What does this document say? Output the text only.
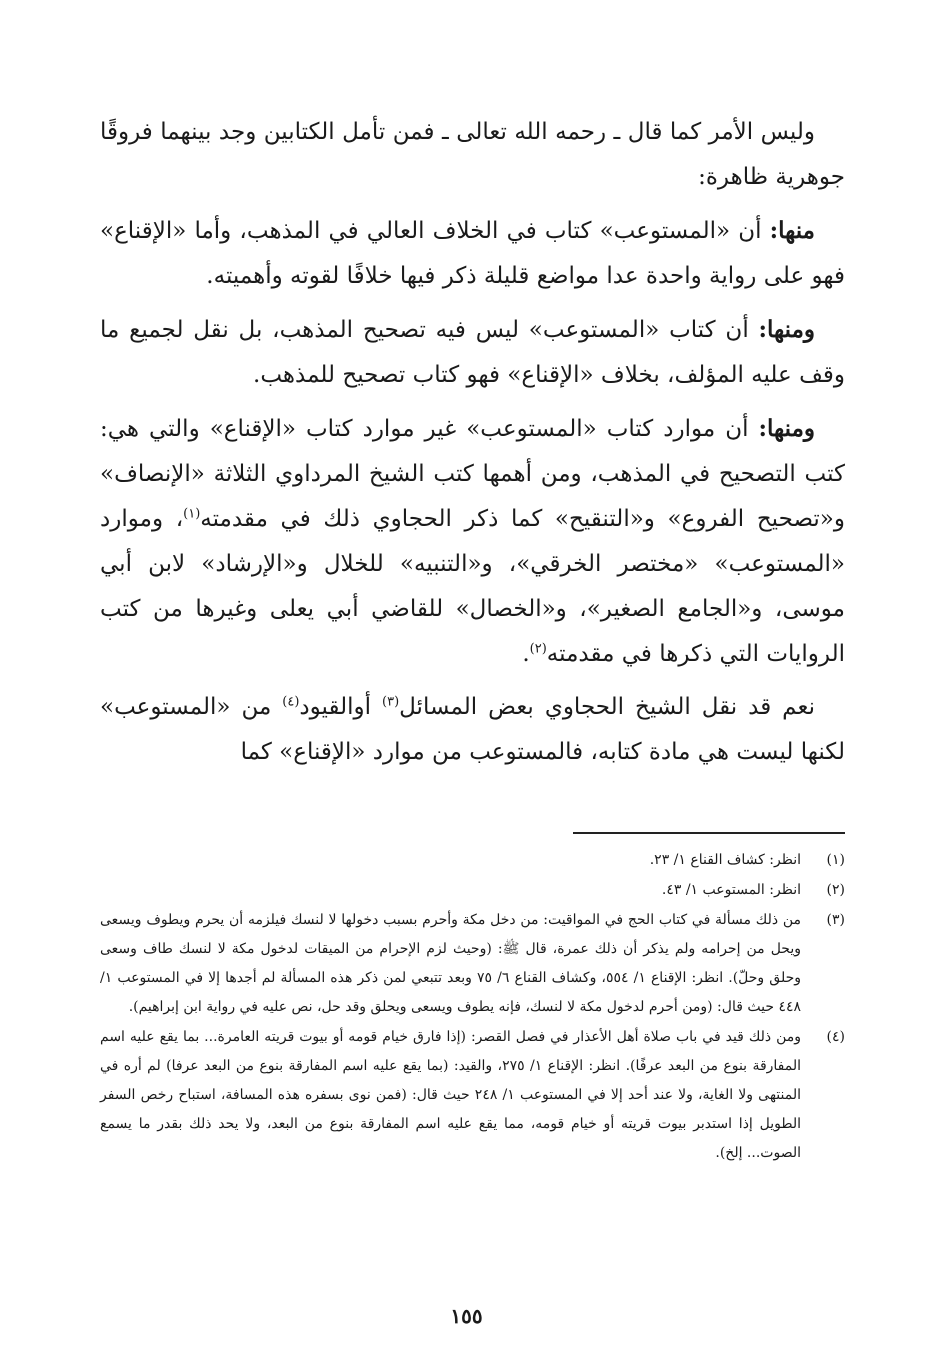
وليس الأمر كما قال ـ رحمه الله تعالى ـ فمن تأمل الكتابين وجد بينهما فروقًا جوهرية ظاهرة:

منها: أن «المستوعب» كتاب في الخلاف العالي في المذهب، وأما «الإقناع» فهو على رواية واحدة عدا مواضع قليلة ذكر فيها خلافًا لقوته وأهميته.

ومنها: أن كتاب «المستوعب» ليس فيه تصحيح المذهب، بل نقل لجميع ما وقف عليه المؤلف، بخلاف «الإقناع» فهو كتاب تصحيح للمذهب.

ومنها: أن موارد كتاب «المستوعب» غير موارد كتاب «الإقناع» والتي هي: كتب التصحيح في المذهب، ومن أهمها كتب الشيخ المرداوي الثلاثة «الإنصاف» و«تصحيح الفروع» و«التنقيح» كما ذكر الحجاوي ذلك في مقدمته$^{(١)}$، وموارد «المستوعب» «مختصر الخرقي»، و«التنبيه» للخلال و«الإرشاد» لابن أبي موسى، و«الجامع الصغير»، و«الخصال» للقاضي أبي يعلى وغيرها من كتب الروايات التي ذكرها في مقدمته$^{(٢)}$.

نعم قد نقل الشيخ الحجاوي بعض المسائل$^{(٣)}$ أوالقيود$^{(٤)}$ من «المستوعب» لكنها ليست هي مادة كتابه، فالمستوعب من موارد «الإقناع» كما

(١)
انظر: كشاف القناع ١/ ٢٣.
(٢)
انظر: المستوعب ١/ ٤٣.
(٣)
من ذلك مسألة في كتاب الحج في المواقيت: من دخل مكة وأحرم بسبب دخولها لا لنسك فيلزمه أن يحرم ويطوف ويسعى ويحل من إحرامه ولم يذكر أن ذلك عمرة، قال ﷺ: (وحيث لزم الإحرام من الميقات لدخول مكة لا لنسك طاف وسعى وحلق وحلّ). انظر: الإقناع ١/ ٥٥٤، وكشاف القناع ٦/ ٧٥ وبعد تتبعي لمن ذكر هذه المسألة لم أجدها إلا في المستوعب ١/ ٤٤٨ حيث قال: (ومن أحرم لدخول مكة لا لنسك، فإنه يطوف ويسعى ويحلق وقد حل، نص عليه في رواية ابن إبراهيم).
(٤)
ومن ذلك قيد في باب صلاة أهل الأعذار في فصل القصر: (إذا فارق خيام قومه أو بيوت قريته العامرة... بما يقع عليه اسم المفارقة بنوع من البعد عرفًا). انظر: الإقناع ١/ ٢٧٥، والقيد: (بما يقع عليه اسم المفارقة بنوع من البعد عرفا) لم أره في المنتهى ولا الغاية، ولا عند أحد إلا في المستوعب ١/ ٢٤٨ حيث قال: (فمن نوى بسفره هذه المسافة، استباح رخص السفر الطويل إذا استدبر بيوت قريته أو خيام قومه، مما يقع عليه اسم المفارقة بنوع من البعد، ولا يحد ذلك بقدر ما يسمع الصوت... إلخ).
١٥٥
